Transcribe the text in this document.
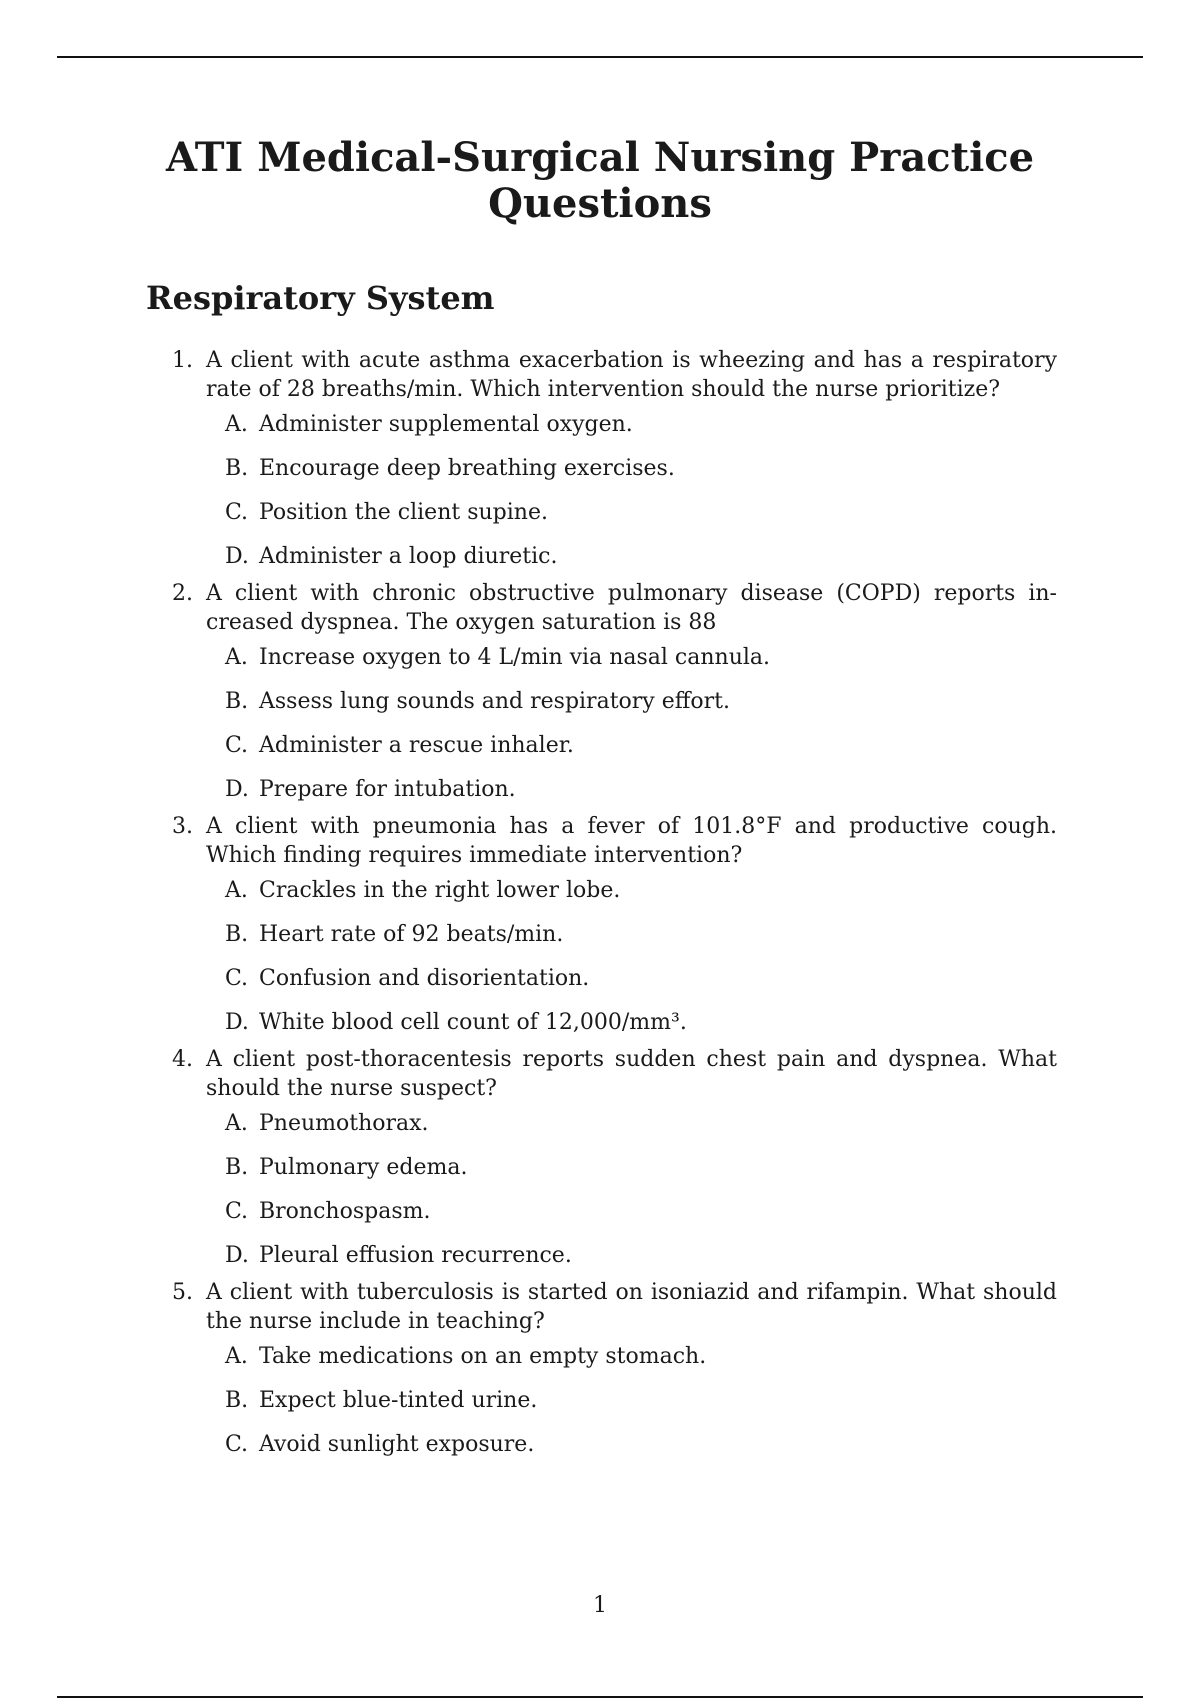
ATI Medical-Surgical Nursing Practice Questions
Respiratory System
1. A client with acute asthma exacerbation is wheezing and has a respiratory rate of 28 breaths/min. Which intervention should the nurse prioritize?

A. Administer supplemental oxygen.
B. Encourage deep breathing exercises.
C. Position the client supine.
D. Administer a loop diuretic.
2. A client with chronic obstructive pulmonary disease (COPD) reports in-creased dyspnea. The oxygen saturation is 88

A. Increase oxygen to 4 L/min via nasal cannula.
B. Assess lung sounds and respiratory effort.
C. Administer a rescue inhaler.
D. Prepare for intubation.
3. A client with pneumonia has a fever of 101.8°F and productive cough. Which finding requires immediate intervention?

A. Crackles in the right lower lobe.
B. Heart rate of 92 beats/min.
C. Confusion and disorientation.
D. White blood cell count of 12,000/mm³.
4. A client post-thoracentesis reports sudden chest pain and dyspnea. What should the nurse suspect?

A. Pneumothorax.
B. Pulmonary edema.
C. Bronchospasm.
D. Pleural effusion recurrence.
5. A client with tuberculosis is started on isoniazid and rifampin. What should the nurse include in teaching?

A. Take medications on an empty stomach.
B. Expect blue-tinted urine.
C. Avoid sunlight exposure.
1
